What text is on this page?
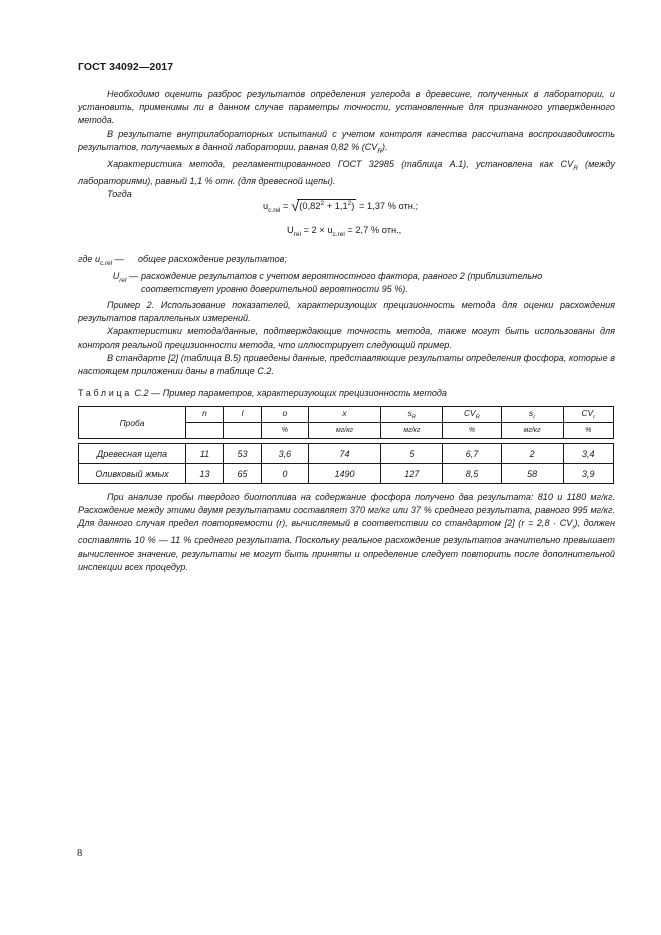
ГОСТ 34092—2017

Необходимо оценить разброс результатов определения углерода в древесине, полученных в лаборатории, и установить, применимы ли в данном случае параметры точности, установленные для признанного утвержденного метода.

В результате внутрилабораторных испытаний с учетом контроля качества рассчитана воспроизводимость результатов, получаемых в данной лаборатории, равная 0,82 % $(CV_R)$.

Характеристика метода, регламентированного ГОСТ 32985 (таблица А.1), установлена как $CV_R$ (между лабораториями), равный 1,1 % отн. (для древесной щепы).

Тогда

$u_{c.rel} = √(0,82^2 + 1,1^2) = 1,37$ % отн.;
$U_{rel} = 2 \times u_{c.rel} = 2,7$ % отн.,
где $u_{c.rel}$ —	общее расхождение результатов;
$U_{rel}$ — расхождение результатов с учетом вероятностного фактора, равного 2 (приблизительно соответствует уровню доверительной вероятности 95 %).

Пример 2. Использование показателей, характеризующих прецизионность метода для оценки расхождения результатов параллельных измерений.

Характеристики метода/данные, подтверждающие точность метода, также могут быть использованы для контроля реальной прецизионности метода, что иллюстрирует следующий пример.

В стандарте [2] (таблица В.5) приведены данные, представляющие результаты определения фосфора, которые в настоящем приложении даны в таблице С.2.

Таблица С.2 — Пример параметров, характеризующих прецизионность метода
Проба	n	l	o	x	$s_R$	$CV_R$	$s_r$	$CV_r$
			%	мг/кг	мг/кг	%	мг/кг	%

Древесная щепа	11	53	3,6	74	5	6,7	2	3,4
Оливковый жмых	13	65	0	1490	127	8,5	58	3,9

При анализе пробы твердого биотоплива на содержание фосфора получено два результата: 810 и 1180 мг/кг. Расхождение между этими двумя результатами составляет 370 мг/кг или 37 % среднего результата, равного 995 мг/кг. Для данного случая предел повторяемости (r), вычисляемый в соответствии со стандартом [2] $(r = 2,8 \cdot CV_r)$, должен составлять 10 % — 11 % среднего результата. Поскольку реальное расхождение результатов значительно превышает вычисленное значение, результаты не могут быть приняты и определение следует повторить после дополнительной инспекции всех процедур.

8
